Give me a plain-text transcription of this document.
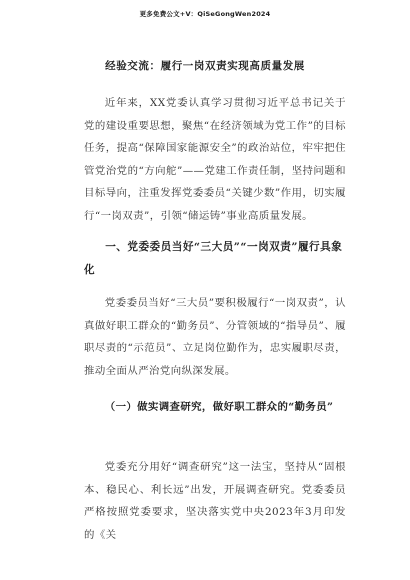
更多免费公文+V：QiSeGongWen2024
经验交流：履行一岗双责实现高质量发展
近年来，XX党委认真学习贯彻习近平总书记关于党的建设重要思想，聚焦“在经济领域为党工作”的目标任务，提高“保障国家能源安全”的政治站位，牢牢把住管党治党的“方向舵”——党建工作责任制，坚持问题和目标导向，注重发挥党委委员“关键少数”作用，切实履行“一岗双责”，引领“储运铸”事业高质量发展。
一、党委委员当好“三大员”“一岗双责”履行具象化
党委委员当好“三大员”要积极履行“一岗双责”，认真做好职工群众的“勤务员”、分管领域的“指导员”、履职尽责的“示范员”、立足岗位勤作为，忠实履职尽责，推动全面从严治党向纵深发展。
（一）做实调查研究，做好职工群众的“勤务员”
党委充分用好“调查研究”这一法宝，坚持从“固根本、稳民心、利长远”出发，开展调查研究。党委委员严格按照党委要求，坚决落实党中央2023年3月印发的《关
